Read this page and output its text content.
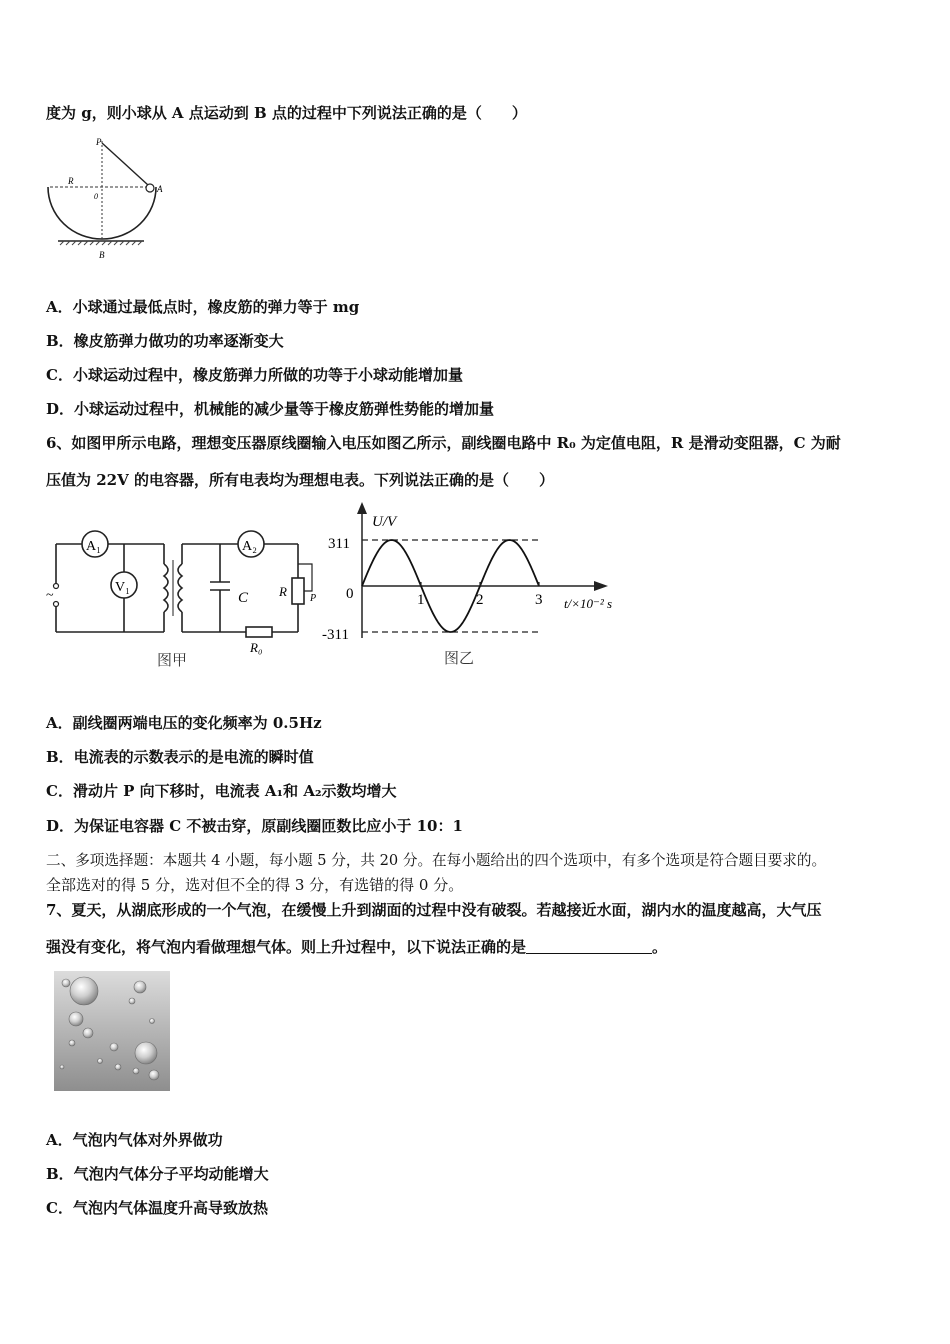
度为 g，则小球从 A 点运动到 B 点的过程中下列说法正确的是（　　）
P
R
0
A
B
A．小球通过最低点时，橡皮筋的弹力等于 mg
B．橡皮筋弹力做功的功率逐渐变大
C．小球运动过程中，橡皮筋弹力所做的功等于小球动能增加量
D．小球运动过程中，机械能的减少量等于橡皮筋弹性势能的增加量
6、如图甲所示电路，理想变压器原线圈输入电压如图乙所示，副线圈电路中 R₀ 为定值电阻，R 是滑动变阻器，C 为耐
压值为 22V 的电容器，所有电表均为理想电表。下列说法正确的是（　　）
~
A₁
V₁
A₂
C R P
R₀
图甲
U/V
311
0
-311
1	2	3 t/×10⁻² s
图乙
A．副线圈两端电压的变化频率为 0.5Hz
B．电流表的示数表示的是电流的瞬时值
C．滑动片 P 向下移时，电流表 A₁和 A₂示数均增大
D．为保证电容器 C 不被击穿，原副线圈匝数比应小于 10：1
二、多项选择题：本题共 4 小题，每小题 5 分，共 20 分。在每小题给出的四个选项中，有多个选项是符合题目要求的。
全部选对的得 5 分，选对但不全的得 3 分，有选错的得 0 分。
7、夏天，从湖底形成的一个气泡，在缓慢上升到湖面的过程中没有破裂。若越接近水面，湖内水的温度越高，大气压
强没有变化，将气泡内看做理想气体。则上升过程中，以下说法正确的是	。
A．气泡内气体对外界做功
B．气泡内气体分子平均动能增大
C．气泡内气体温度升高导致放热
